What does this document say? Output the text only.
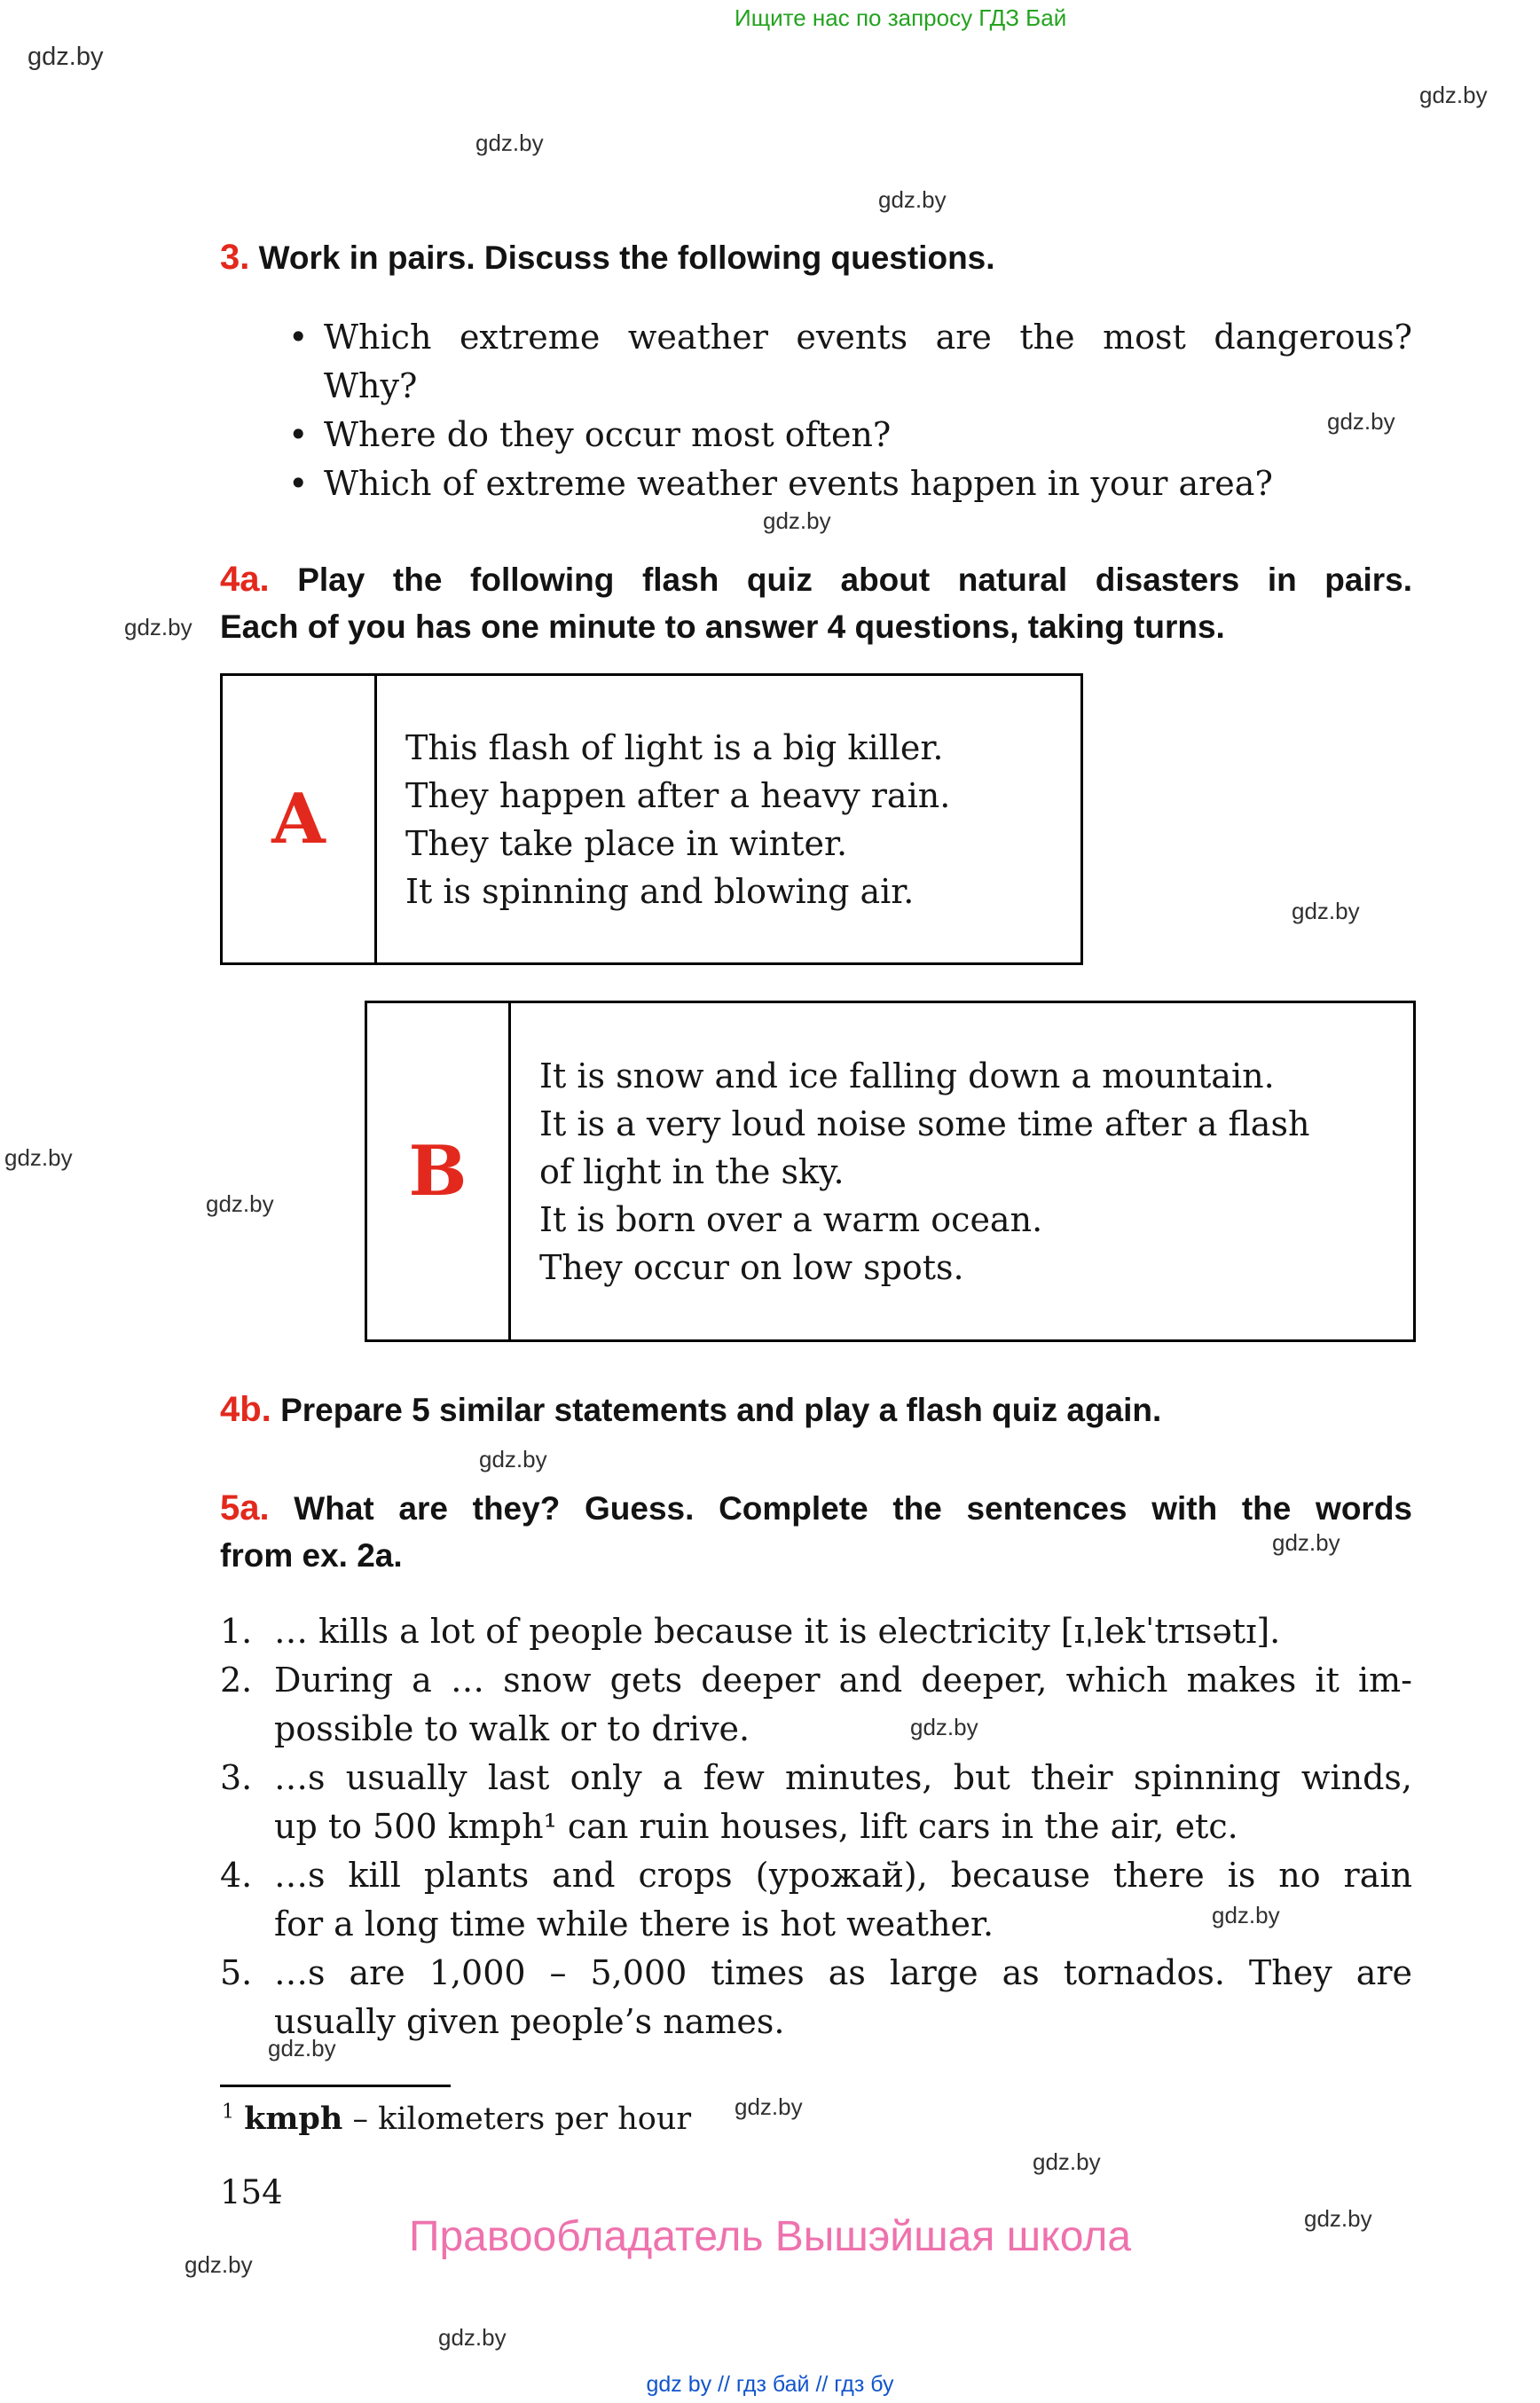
Ищите нас по запросу ГДЗ Бай
gdz.by
gdz.by
gdz.by
gdz.by
gdz.by
gdz.by
gdz.by
gdz.by
gdz.by
gdz.by
gdz.by
gdz.by
gdz.by
gdz.by
gdz.by
gdz.by
gdz.by
gdz.by
gdz.by
gdz.by
3. Work in pairs. Discuss the following questions.
• Which extreme weather events are the most dangerous?
Why?
• Where do they occur most often?
• Which of extreme weather events happen in your area?
4a. Play the following flash quiz about natural disasters in pairs.
Each of you has one minute to answer 4 questions, taking turns.
A
This flash of light is a big killer.
They happen after a heavy rain.
They take place in winter.
It is spinning and blowing air.
B
It is snow and ice falling down a mountain.
It is a very loud noise some time after a flash
of light in the sky.
It is born over a warm ocean.
They occur on low spots.
4b. Prepare 5 similar statements and play a flash quiz again.
5a. What are they? Guess. Complete the sentences with the words
from ex. 2a.
1. … kills a lot of people because it is electricity [ɪˌlekˈtrɪsətɪ].
2. During a … snow gets deeper and deeper, which makes it im-
possible to walk or to drive.
3. …s usually last only a few minutes, but their spinning winds,
up to 500 kmph¹ can ruin houses, lift cars in the air, etc.
4. …s kill plants and crops (урожай), because there is no rain
for a long time while there is hot weather.
5. …s are 1,000 – 5,000 times as large as tornados. They are
usually given people’s names.
$^1$ kmph – kilometers per hour
154
Правообладатель Вышэйшая школа
gdz by // гдз бай // гдз бу
